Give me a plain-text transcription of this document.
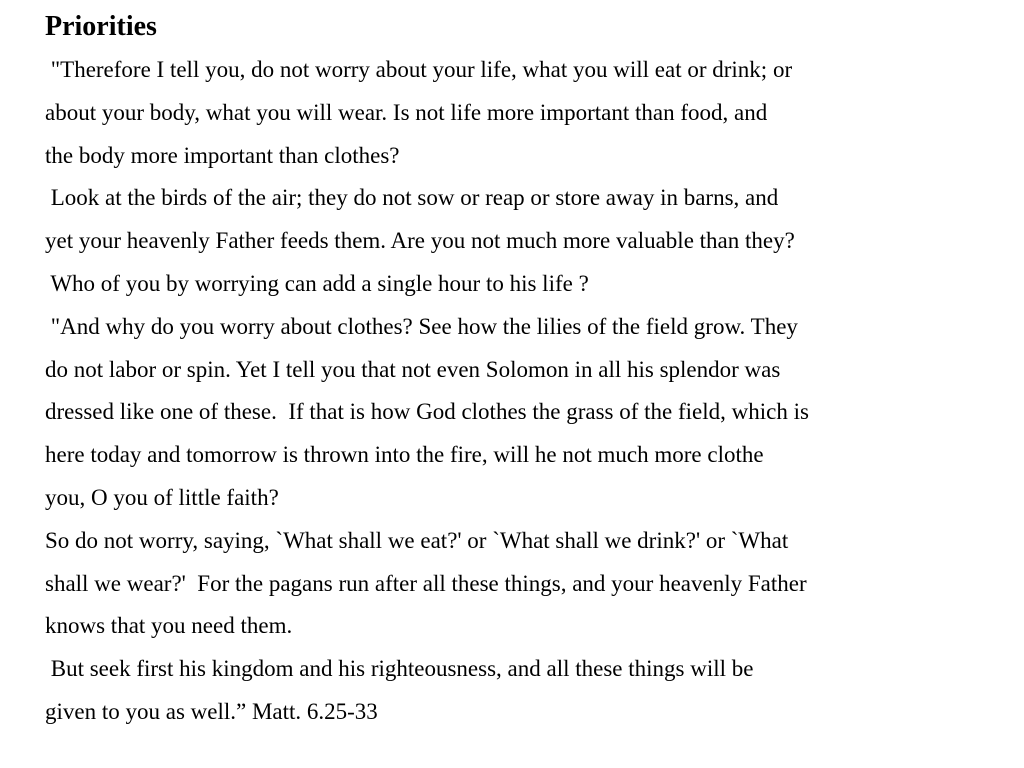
Priorities
"Therefore I tell you, do not worry about your life, what you will eat or drink; or
about your body, what you will wear. Is not life more important than food, and
the body more important than clothes?
Look at the birds of the air; they do not sow or reap or store away in barns, and
yet your heavenly Father feeds them. Are you not much more valuable than they?
Who of you by worrying can add a single hour to his life ?
"And why do you worry about clothes? See how the lilies of the field grow. They
do not labor or spin. Yet I tell you that not even Solomon in all his splendor was
dressed like one of these.  If that is how God clothes the grass of the field, which is
here today and tomorrow is thrown into the fire, will he not much more clothe
you, O you of little faith?
So do not worry, saying, `What shall we eat?' or `What shall we drink?' or `What
shall we wear?'  For the pagans run after all these things, and your heavenly Father
knows that you need them.
But seek first his kingdom and his righteousness, and all these things will be
given to you as well.” Matt. 6.25-33
